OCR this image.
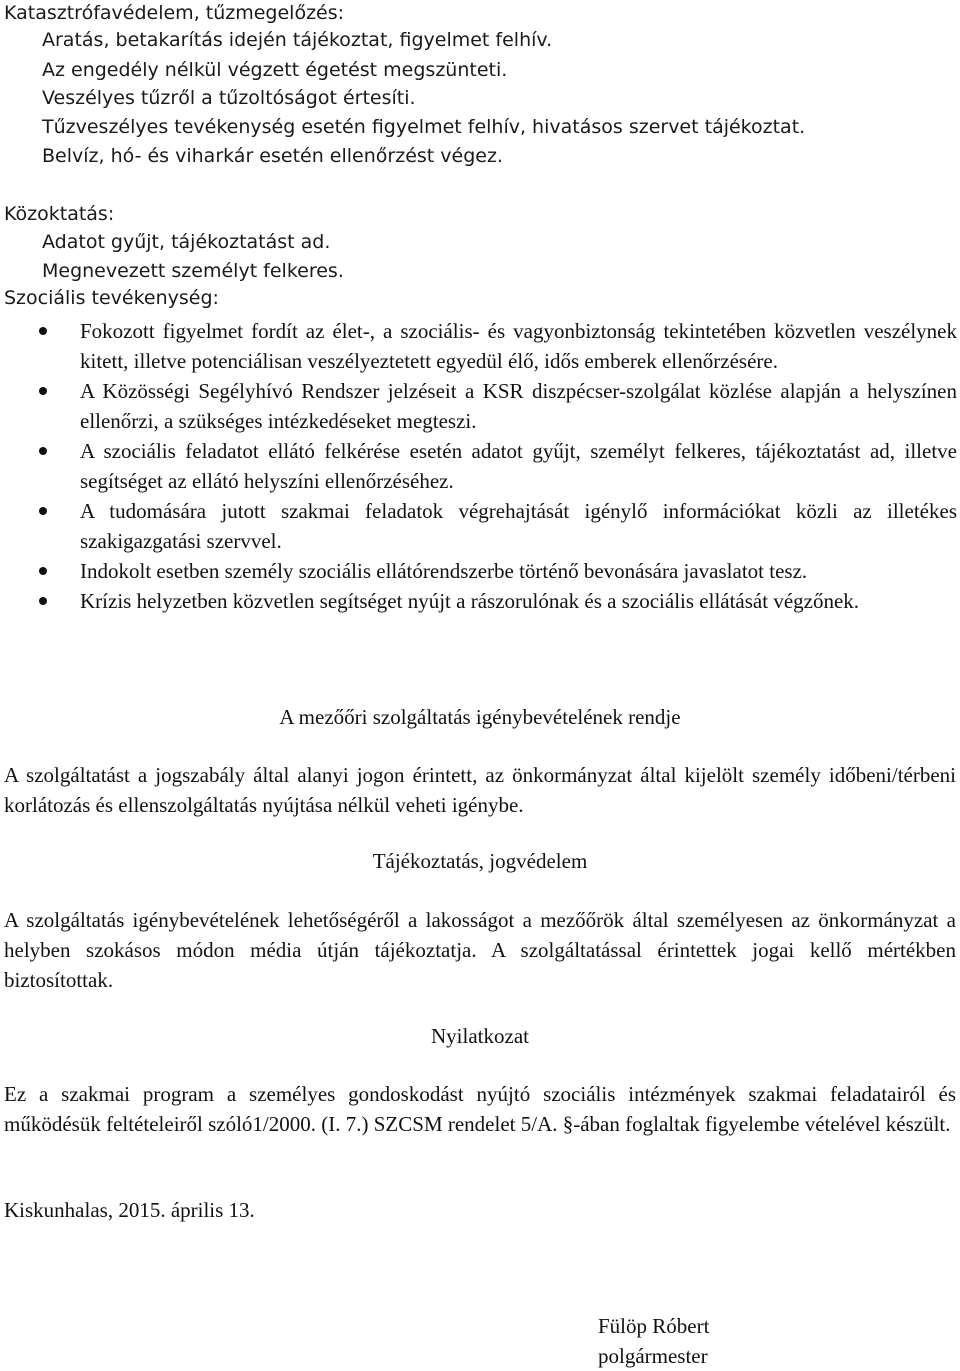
Katasztrófavédelem, tűzmegelőzés:
Aratás, betakarítás idején tájékoztat, figyelmet felhív.
Az engedély nélkül végzett égetést megszünteti.
Veszélyes tűzről a tűzoltóságot értesíti.
Tűzveszélyes tevékenység esetén figyelmet felhív, hivatásos szervet tájékoztat.
Belvíz, hó- és viharkár esetén ellenőrzést végez.
Közoktatás:
Adatot gyűjt, tájékoztatást ad.
Megnevezett személyt felkeres.
Szociális tevékenység:
Fokozott figyelmet fordít az élet-, a szociális- és vagyonbiztonság tekintetében közvetlen veszélynek kitett, illetve potenciálisan veszélyeztetett egyedül élő, idős emberek ellenőrzésére.
A Közösségi Segélyhívó Rendszer jelzéseit a KSR diszpécser-szolgálat közlése alapján a helyszínen ellenőrzi, a szükséges intézkedéseket megteszi.
A szociális feladatot ellátó felkérése esetén adatot gyűjt, személyt felkeres, tájékoztatást ad, illetve segítséget az ellátó helyszíni ellenőrzéséhez.
A tudomására jutott szakmai feladatok végrehajtását igénylő információkat közli az illetékes szakigazgatási szervvel.
Indokolt esetben személy szociális ellátórendszerbe történő bevonására javaslatot tesz.
Krízis helyzetben közvetlen segítséget nyújt a rászorulónak és a szociális ellátását végzőnek.
A mezőőri szolgáltatás igénybevételének rendje
A szolgáltatást a jogszabály által alanyi jogon érintett, az önkormányzat által kijelölt személy időbeni/térbeni korlátozás és ellenszolgáltatás nyújtása nélkül veheti igénybe.
Tájékoztatás, jogvédelem
A szolgáltatás igénybevételének lehetőségéről a lakosságot a mezőőrök által személyesen az önkormányzat a helyben szokásos módon média útján tájékoztatja. A szolgáltatással érintettek jogai kellő mértékben biztosítottak.
Nyilatkozat
Ez a szakmai program a személyes gondoskodást nyújtó szociális intézmények szakmai feladatairól és működésük feltételeiről szóló1/2000. (I. 7.) SZCSM rendelet 5/A. §-ában foglaltak figyelembe vételével készült.
Kiskunhalas, 2015. április 13.
Fülöp Róbert
polgármester
